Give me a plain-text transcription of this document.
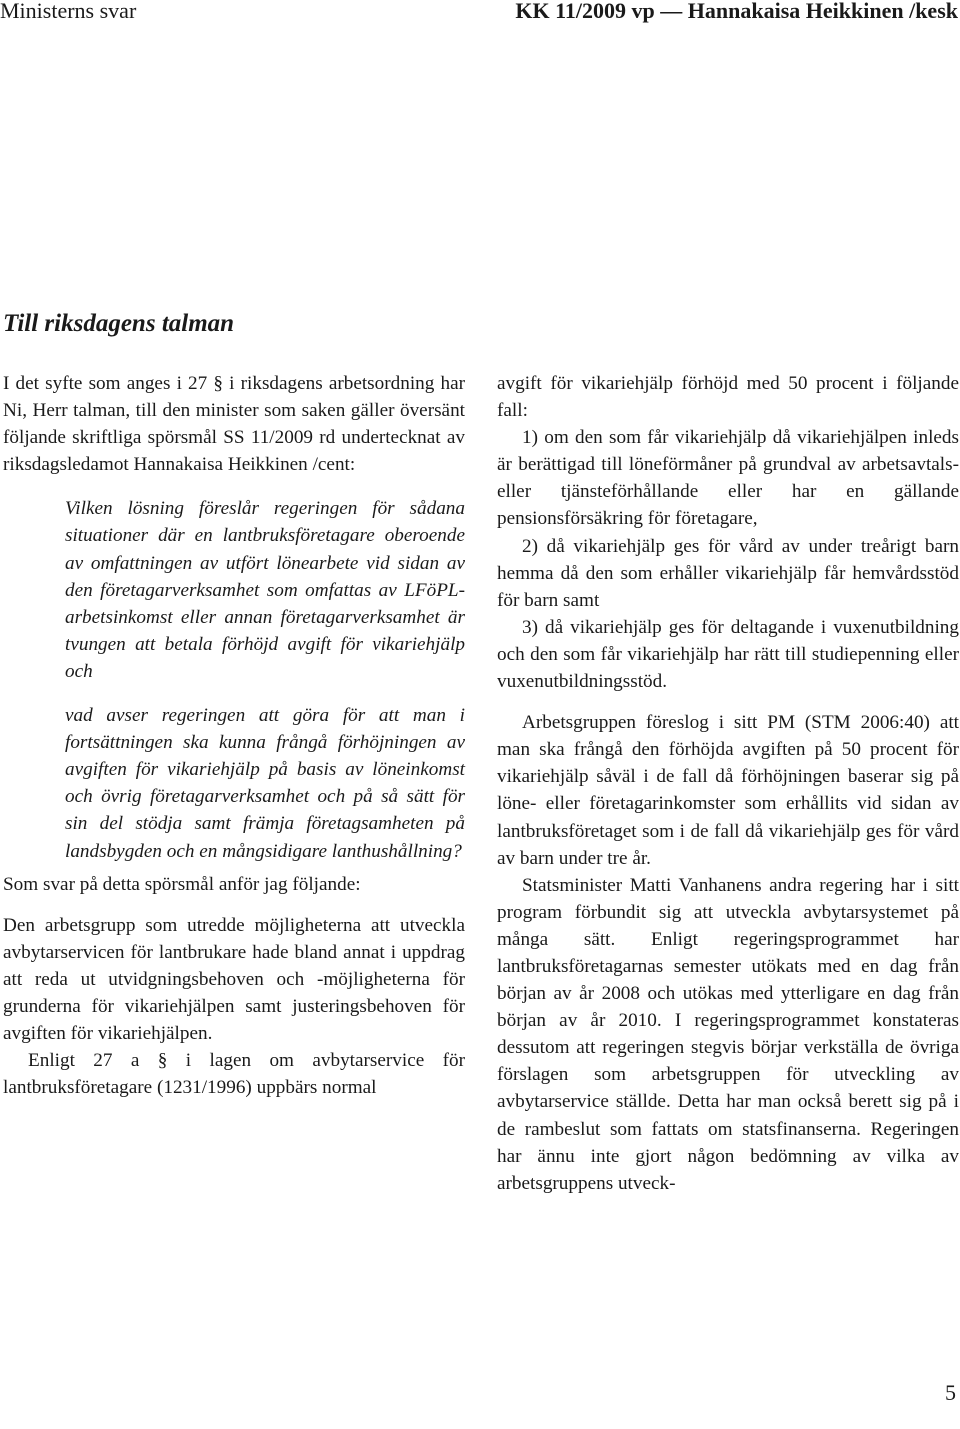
Ministerns svar	KK 11/2009 vp — Hannakaisa Heikkinen /kesk
Till riksdagens talman

I det syfte som anges i 27 § i riksdagens arbetsordning har Ni, Herr talman, till den minister som saken gäller översänt följande skriftliga spörsmål SS 11/2009 rd undertecknat av riksdagsledamot Hannakaisa Heikkinen /cent:

Vilken lösning föreslår regeringen för sådana situationer där en lantbruksföretagare oberoende av omfattningen av utfört lönearbete vid sidan av den företagarverksamhet som omfattas av LFöPL-arbetsinkomst eller annan företagarverksamhet är tvungen att betala förhöjd avgift för vikariehjälp och

vad avser regeringen att göra för att man i fortsättningen ska kunna frångå förhöjningen av avgiften för vikariehjälp på basis av löneinkomst och övrig företagarverksamhet och på så sätt för sin del stödja samt främja företagsamheten på landsbygden och en mångsidigare lanthushållning?

Som svar på detta spörsmål anför jag följande:

Den arbetsgrupp som utredde möjligheterna att utveckla avbytarservicen för lantbrukare hade bland annat i uppdrag att reda ut utvidgningsbehoven och -möjligheterna för grunderna för vikariehjälpen samt justeringsbehoven för avgiften för vikariehjälpen.

Enligt 27 a § i lagen om avbytarservice för lantbruksföretagare (1231/1996) uppbärs normal

avgift för vikariehjälp förhöjd med 50 procent i följande fall:

1) om den som får vikariehjälp då vikariehjälpen inleds är berättigad till löneförmåner på grundval av arbetsavtals- eller tjänsteförhållande eller har en gällande pensionsförsäkring för företagare,

2) då vikariehjälp ges för vård av under treårigt barn hemma då den som erhåller vikariehjälp får hemvårdsstöd för barn samt

3) då vikariehjälp ges för deltagande i vuxenutbildning och den som får vikariehjälp har rätt till studiepenning eller vuxenutbildningsstöd.

Arbetsgruppen föreslog i sitt PM (STM 2006:40) att man ska frångå den förhöjda avgiften på 50 procent för vikariehjälp såväl i de fall då förhöjningen baserar sig på löne- eller företagarinkomster som erhållits vid sidan av lantbruksföretaget som i de fall då vikariehjälp ges för vård av barn under tre år.

Statsminister Matti Vanhanens andra regering har i sitt program förbundit sig att utveckla avbytarsystemet på många sätt. Enligt regeringsprogrammet har lantbruksföretagarnas semester utökats med en dag från början av år 2008 och utökas med ytterligare en dag från början av år 2010. I regeringsprogrammet konstateras dessutom att regeringen stegvis börjar verkställa de övriga förslagen som arbetsgruppen för utveckling av avbytarservice ställde. Detta har man också berett sig på i de rambeslut som fattats om statsfinanserna. Regeringen har ännu inte gjort någon bedömning av vilka av arbetsgruppens utveck-

5
